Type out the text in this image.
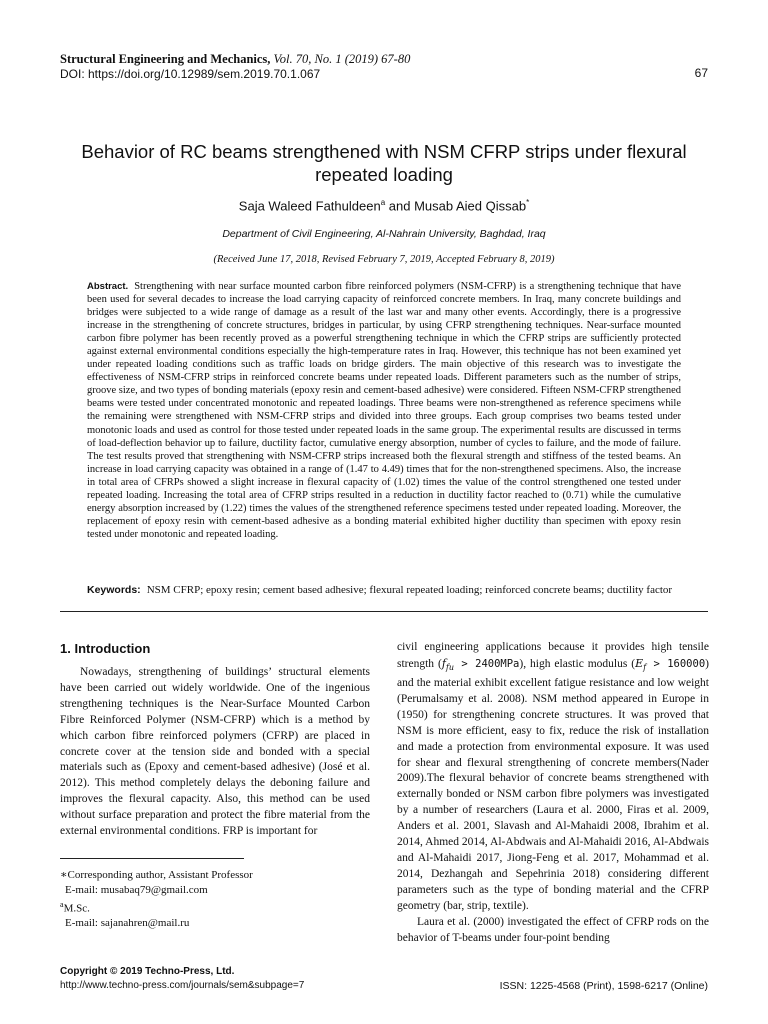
Structural Engineering and Mechanics, Vol. 70, No. 1 (2019) 67-80
DOI: https://doi.org/10.12989/sem.2019.70.1.067	67
Behavior of RC beams strengthened with NSM CFRP strips under flexural repeated loading
Saja Waleed Fathuldeen$^a$ and Musab Aied Qissab*
Department of Civil Engineering, Al-Nahrain University, Baghdad, Iraq
(Received June 17, 2018, Revised February 7, 2019, Accepted February 8, 2019)
Abstract. Strengthening with near surface mounted carbon fibre reinforced polymers (NSM-CFRP) is a strengthening technique that have been used for several decades to increase the load carrying capacity of reinforced concrete members. In Iraq, many concrete buildings and bridges were subjected to a wide range of damage as a result of the last war and many other events. Accordingly, there is a progressive increase in the strengthening of concrete structures, bridges in particular, by using CFRP strengthening techniques. Near-surface mounted carbon fibre polymer has been recently proved as a powerful strengthening technique in which the CFRP strips are sufficiently protected against external environmental conditions especially the high-temperature rates in Iraq. However, this technique has not been examined yet under repeated loading conditions such as traffic loads on bridge girders. The main objective of this research was to investigate the effectiveness of NSM-CFRP strips in reinforced concrete beams under repeated loads. Different parameters such as the number of strips, groove size, and two types of bonding materials (epoxy resin and cement-based adhesive) were considered. Fifteen NSM-CFRP strengthened beams were tested under concentrated monotonic and repeated loadings. Three beams were non-strengthened as reference specimens while the remaining were strengthened with NSM-CFRP strips and divided into three groups. Each group comprises two beams tested under monotonic loads and used as control for those tested under repeated loads in the same group. The experimental results are discussed in terms of load-deflection behavior up to failure, ductility factor, cumulative energy absorption, number of cycles to failure, and the mode of failure. The test results proved that strengthening with NSM-CFRP strips increased both the flexural strength and stiffness of the tested beams. An increase in load carrying capacity was obtained in a range of (1.47 to 4.49) times that for the non-strengthened specimens. Also, the increase in total area of CFRPs showed a slight increase in flexural capacity of (1.02) times the value of the control strengthened one tested under repeated loading. Increasing the total area of CFRP strips resulted in a reduction in ductility factor reached to (0.71) while the cumulative energy absorption increased by (1.22) times the values of the strengthened reference specimens tested under repeated loading. Moreover, the replacement of epoxy resin with cement-based adhesive as a bonding material exhibited higher ductility than specimen with epoxy resin tested under monotonic and repeated loading.
Keywords: NSM CFRP; epoxy resin; cement based adhesive; flexural repeated loading; reinforced concrete beams; ductility factor
1. Introduction

Nowadays, strengthening of buildings’ structural elements have been carried out widely worldwide. One of the ingenious strengthening techniques is the Near-Surface Mounted Carbon Fibre Reinforced Polymer (NSM-CFRP) which is a method by which carbon fibre reinforced polymers (CFRP) are placed in concrete cover at the tension side and bonded with a special materials such as (Epoxy and cement-based adhesive) (José et al. 2012). This method completely delays the deboning failure and improves the flexural capacity. Also, this method can be used without surface preparation and protect the fibre material from the external environmental conditions. FRP is important for

civil engineering applications because it provides high tensile strength $(f_{fu} > 2400MPa)$, high elastic modulus $(E_f > 160000)$ and the material exhibit excellent fatigue resistance and low weight (Perumalsamy et al. 2008). NSM method appeared in Europe in (1950) for strengthening concrete structures. It was proved that NSM is more efficient, easy to fix, reduce the risk of installation and made a protection from environmental exposure. It was used for shear and flexural strengthening of concrete members(Nader 2009).The flexural behavior of concrete beams strengthened with externally bonded or NSM carbon fibre polymers was investigated by a number of researchers (Laura et al. 2000, Firas et al. 2009, Anders et al. 2001, Slavash and Al-Mahaidi 2008, Ibrahim et al. 2014, Ahmed 2014, Al-Abdwais and Al-Mahaidi 2016, Al-Abdwais and Al-Mahaidi 2017, Jiong-Feng et al. 2017, Mohammad et al. 2014, Dezhangah and Sepehrinia 2018) considering different parameters such as the type of bonding material and the CFRP geometry (bar, strip, textile).

Laura et al. (2000) investigated the effect of CFRP rods on the behavior of T-beams under four-point bending

∗Corresponding author, Assistant Professor
E-mail: musabaq79@gmail.com
$^a$M.Sc.
E-mail: sajanahren@mail.ru
Copyright © 2019 Techno-Press, Ltd.
http://www.techno-press.com/journals/sem&subpage=7	ISSN: 1225-4568 (Print), 1598-6217 (Online)
